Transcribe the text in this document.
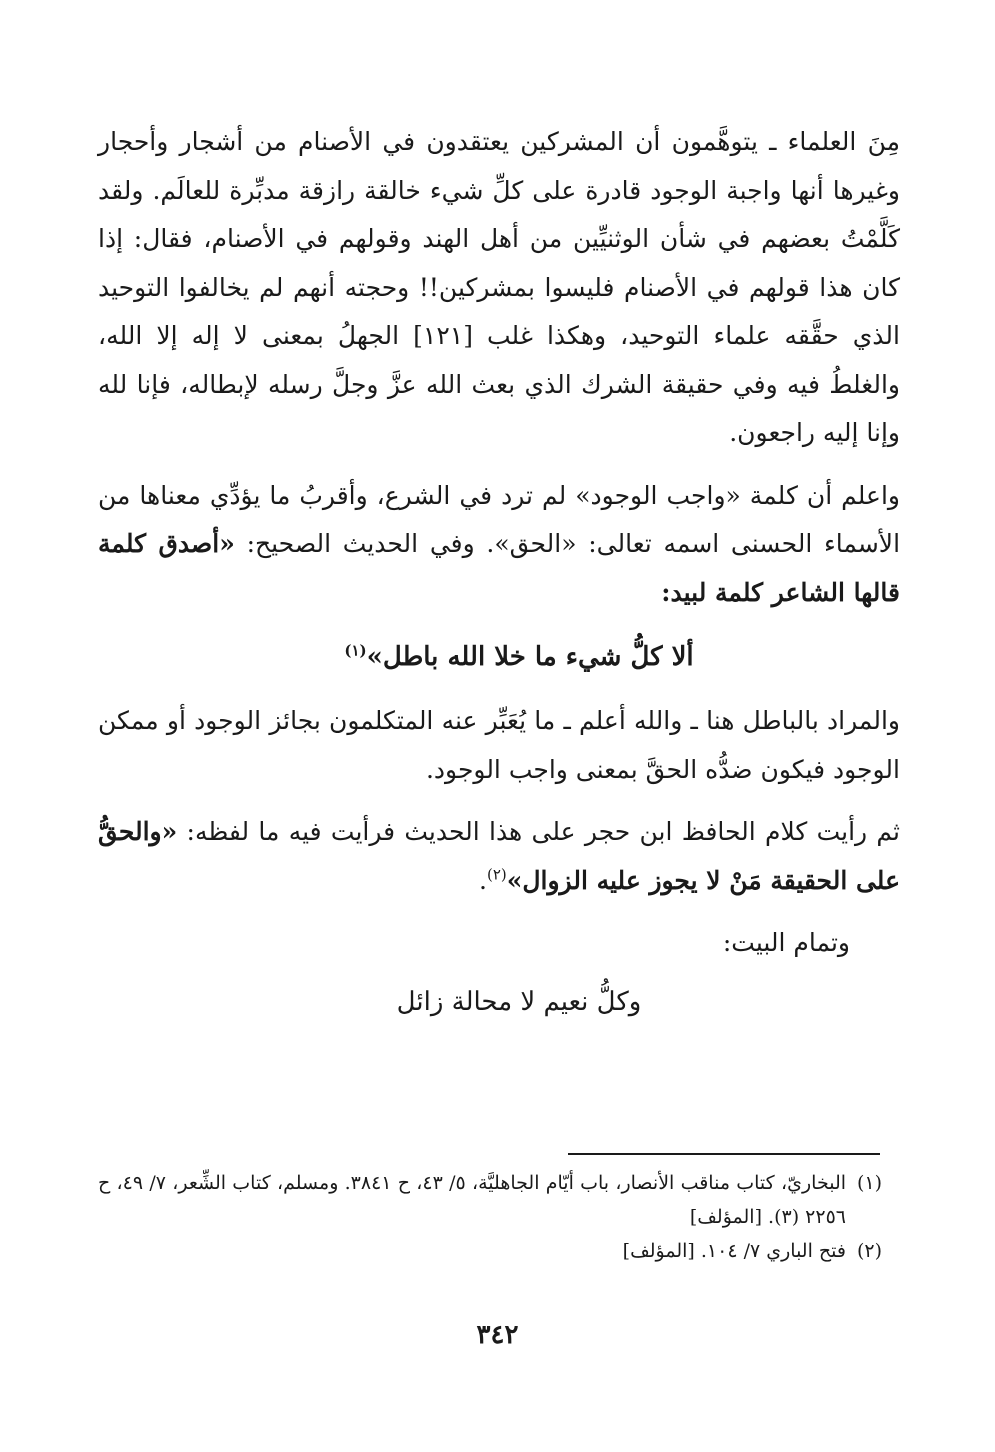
مِنَ العلماء ـ يتوهَّمون أن المشركين يعتقدون في الأصنام من أشجار وأحجار وغيرها أنها واجبة الوجود قادرة على كلِّ شيء خالقة رازقة مدبِّرة للعالَم. ولقد كَلَّمْتُ بعضهم في شأن الوثنيِّين من أهل الهند وقولهم في الأصنام، فقال: إذا كان هذا قولهم في الأصنام فليسوا بمشركين!! وحجته أنهم لم يخالفوا التوحيد الذي حقَّقه علماء التوحيد، وهكذا غلب [١٢١] الجهلُ بمعنى لا إله إلا الله، والغلطُ فيه وفي حقيقة الشرك الذي بعث الله عزَّ وجلَّ رسله لإبطاله، فإنا لله وإنا إليه راجعون.

واعلم أن كلمة «واجب الوجود» لم ترد في الشرع، وأقربُ ما يؤدِّي معناها من الأسماء الحسنى اسمه تعالى: «الحق». وفي الحديث الصحيح: «أصدق كلمة قالها الشاعر كلمة لبيد:

ألا كلُّ شيء ما خلا الله باطل»$^{(١)}$

والمراد بالباطل هنا ـ والله أعلم ـ ما يُعَبِّر عنه المتكلمون بجائز الوجود أو ممكن الوجود فيكون ضدُّه الحقَّ بمعنى واجب الوجود.

ثم رأيت كلام الحافظ ابن حجر على هذا الحديث فرأيت فيه ما لفظه: «والحقُّ على الحقيقة مَنْ لا يجوز عليه الزوال»$^{(٢)}$.

وتمام البيت:

وكلُّ نعيم لا محالة زائل

(١)
البخاريّ، كتاب مناقب الأنصار، باب أيّام الجاهليَّة، ٥/ ٤٣، ح ٣٨٤١. ومسلم، كتاب الشِّعر، ٧/ ٤٩، ح ٢٢٥٦ (٣). [المؤلف]

(٢)
فتح الباري ٧/ ١٠٤. [المؤلف]

٣٤٢
